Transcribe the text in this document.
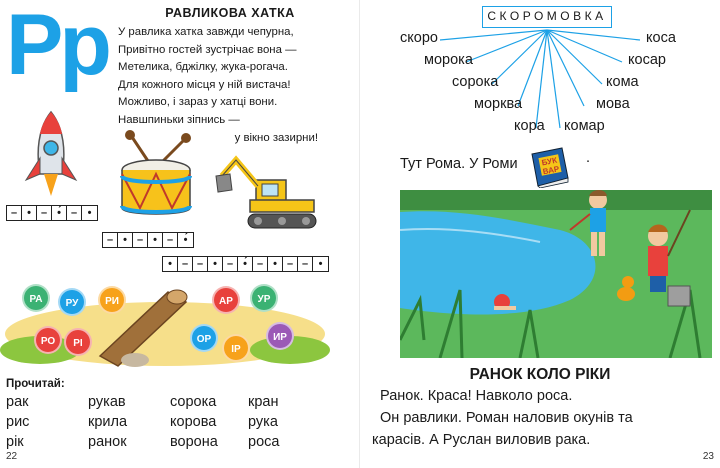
Рр	РАВЛИКОВА ХАТКА
У равлика хатка завжди чепурна,
Привітно гостей зустрічає вона —
Метелика, бджілку, жука-рогача.
Для кожного місця у ній вистача!
Можливо, і зараз у хатці вони.
Навшпиньки зіпнись —
у вікно зазирни!
– • – •́ – •
– • – • – •́
• – – • – •́ – • – – •
РА	РУ	РИ	АР	УР
РО	РІ	ОР
ІР
ИР
Прочитай:
рак	рукав	сорока	кран
рис	крила	корова	рука
рік	ранок	ворона	роса
22
СКОРОМОВКА
скоро
морока
сорока
морква
кора
коса
косар
кома
мова
комар
Тут Рома. У Роми	БУК
ВАР
.
РАНОК КОЛО РІКИ

Ранок. Краса! Навколо роса.

Он равлики. Роман наловив окунів та

карасів. А Руслан виловив рака.

23
